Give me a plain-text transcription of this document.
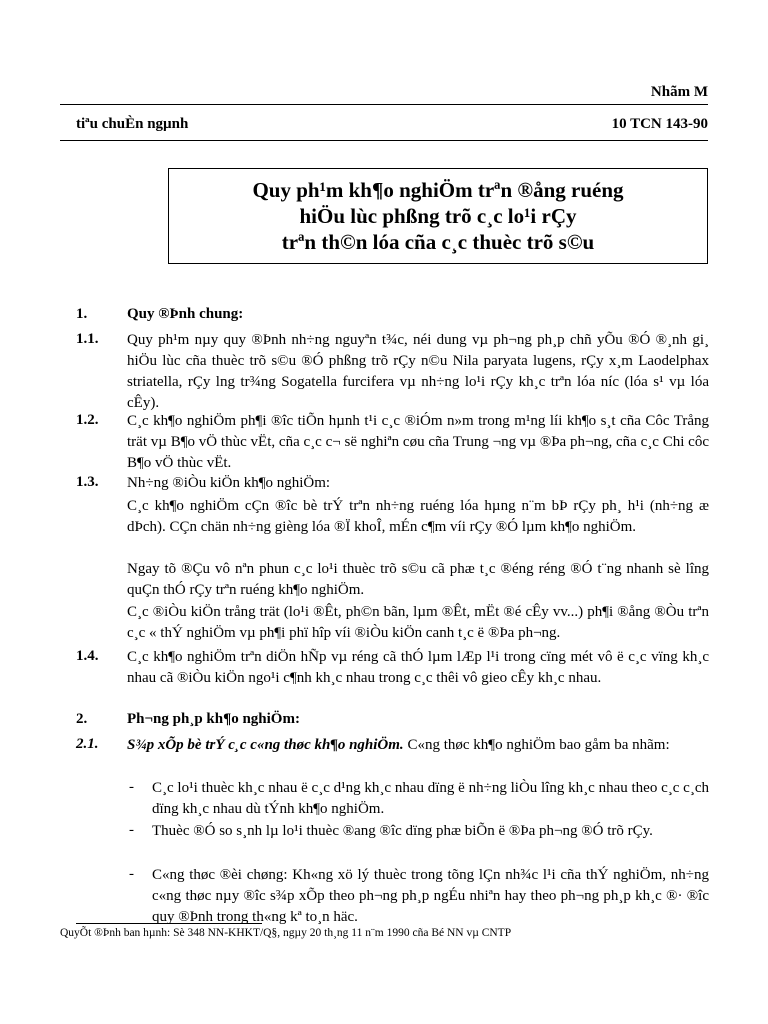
Nhãm M
tiªu chuÈn ngµnh	10 TCN 143-90
Quy ph¹m kh¶o nghiÖm trªn ®ång ruéng
hiÖu lùc phßng trõ c¸c lo¹i rÇy
trªn th©n lóa cña c¸c thuèc trõ s©u
1.	Quy ®Þnh chung:
1.1. Quy ph¹m nµy quy ®Þnh nh÷ng nguyªn t¾c, néi dung vµ ph¬ng ph¸p chñ yÕu ®Ó ®¸nh gi¸ hiÖu lùc cña thuèc trõ s©u ®Ó phßng trõ rÇy n©u Nila paryata lugens, rÇy x¸m Laodelphax striatella, rÇy lng tr¾ng Sogatella furcifera vµ nh÷ng lo¹i rÇy kh¸c trªn lóa níc (lóa s¹ vµ lóa cÊy).
1.2. C¸c kh¶o nghiÖm ph¶i ®îc tiÕn hµnh t¹i c¸c ®iÓm n»m trong m¹ng líi kh¶o s¸t cña Côc Trång trät vµ B¶o vÖ thùc vËt, cña c¸c c¬ së nghiªn cøu cña Trung ¬ng vµ ®Þa ph¬ng, cña c¸c Chi côc B¶o vÖ thùc vËt.
1.3. Nh÷ng ®iÒu kiÖn kh¶o nghiÖm:
C¸c kh¶o nghiÖm cÇn ®îc bè trÝ trªn nh÷ng ruéng lóa hµng n¨m bÞ rÇy ph¸ h¹i (nh÷ng æ dÞch). CÇn chän nh÷ng gièng lóa ®Ï khoÎ, mÉn c¶m víi rÇy ®Ó lµm kh¶o nghiÖm.
Ngay tõ ®Çu vô nªn phun c¸c lo¹i thuèc trõ s©u cã phæ t¸c ®éng réng ®Ó t¨ng nhanh sè lîng quÇn thÓ rÇy trªn ruéng kh¶o nghiÖm.
C¸c ®iÒu kiÖn trång trät (lo¹i ®Êt, ph©n bãn, lµm ®Êt, mËt ®é cÊy vv...) ph¶i ®ång ®Òu trªn c¸c « thÝ nghiÖm vµ ph¶i phï hîp víi ®iÒu kiÖn canh t¸c ë ®Þa ph¬ng.
1.4. C¸c kh¶o nghiÖm trªn diÖn hÑp vµ réng cã thÓ lµm lÆp l¹i trong cïng mét vô ë c¸c vïng kh¸c nhau cã ®iÒu kiÖn ngo¹i c¶nh kh¸c nhau trong c¸c thêi vô gieo cÊy kh¸c nhau.
2.	Ph¬ng ph¸p kh¶o nghiÖm:
2.1. S¾p xÕp bè trÝ c¸c c«ng thøc kh¶o nghiÖm. C«ng thøc kh¶o nghiÖm bao gåm ba nhãm:
- C¸c lo¹i thuèc kh¸c nhau ë c¸c d¹ng kh¸c nhau dïng ë nh÷ng liÒu lîng kh¸c nhau theo c¸c c¸ch dïng kh¸c nhau dù tÝnh kh¶o nghiÖm.
- Thuèc ®Ó so s¸nh lµ lo¹i thuèc ®ang ®îc dïng phæ biÕn ë ®Þa ph¬ng ®Ó trõ rÇy.
- C«ng thøc ®èi chøng: Kh«ng xö lý thuèc trong tõng lÇn nh¾c l¹i cña thÝ nghiÖm, nh÷ng c«ng thøc nµy ®îc s¾p xÕp theo ph¬ng ph¸p ngÉu nhiªn hay theo ph¬ng ph¸p kh¸c ®· ®îc quy ®Þnh trong th«ng kª to¸n häc.
QuyÕt ®Þnh ban hµnh: Sè 348 NN-KHKT/Q§, ngµy 20 th¸ng 11 n¨m 1990 cña Bé NN vµ CNTP
